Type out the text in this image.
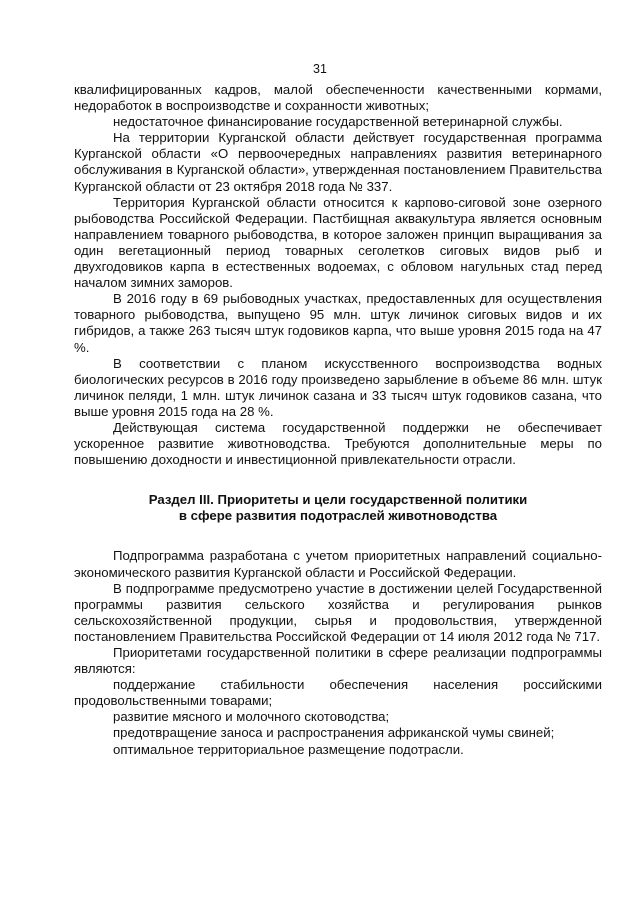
31

квалифицированных кадров, малой обеспеченности качественными кормами, недоработок в воспроизводстве и сохранности животных;

недостаточное финансирование государственной ветеринарной службы.

На территории Курганской области действует государственная программа Курганской области «О первоочередных направлениях развития ветеринарного обслуживания в Курганской области», утвержденная постановлением Правительства Курганской области от 23 октября 2018 года № 337.

Территория Курганской области относится к карпово-сиговой зоне озерного рыбоводства Российской Федерации. Пастбищная аквакультура является основным направлением товарного рыбоводства, в которое заложен принцип выращивания за один вегетационный период товарных сеголетков сиговых видов рыб и двухгодовиков карпа в естественных водоемах, с обловом нагульных стад перед началом зимних заморов.

В 2016 году в 69 рыбоводных участках, предоставленных для осуществления товарного рыбоводства, выпущено 95 млн. штук личинок сиговых видов и их гибридов, а также 263 тысяч штук годовиков карпа, что выше уровня 2015 года на 47 %.

В соответствии с планом искусственного воспроизводства водных биологических ресурсов в 2016 году произведено зарыбление в объеме 86 млн. штук личинок пеляди, 1 млн. штук личинок сазана и 33 тысяч штук годовиков сазана, что выше уровня 2015 года на 28 %.

Действующая система государственной поддержки не обеспечивает ускоренное развитие животноводства. Требуются дополнительные меры по повышению доходности и инвестиционной привлекательности отрасли.

Раздел III. Приоритеты и цели государственной политики
в сфере развития подотраслей животноводства

Подпрограмма разработана с учетом приоритетных направлений социально-экономического развития Курганской области и Российской Федерации.

В подпрограмме предусмотрено участие в достижении целей Государственной программы развития сельского хозяйства и регулирования рынков сельскохозяйственной продукции, сырья и продовольствия, утвержденной постановлением Правительства Российской Федерации от 14 июля 2012 года № 717.

Приоритетами государственной политики в сфере реализации подпрограммы являются:

поддержание стабильности обеспечения населения российскими продовольственными товарами;

развитие мясного и молочного скотоводства;

предотвращение заноса и распространения африканской чумы свиней;

оптимальное территориальное размещение подотрасли.
